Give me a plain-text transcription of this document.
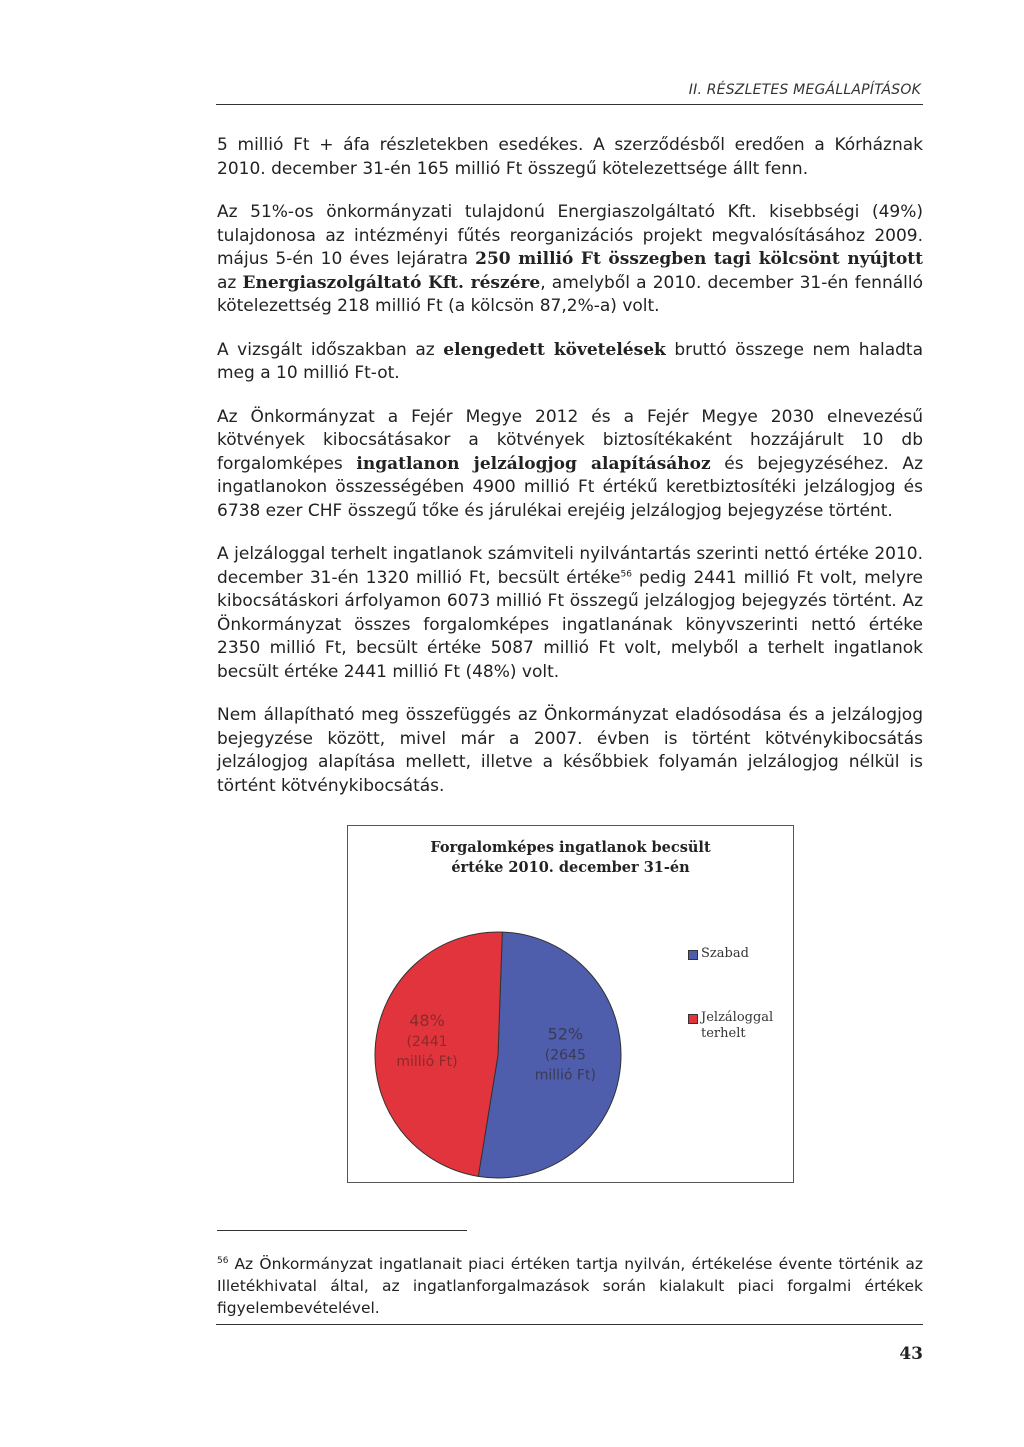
II. RÉSZLETES MEGÁLLAPÍTÁSOK

5 millió Ft + áfa részletekben esedékes. A szerződésből eredően a Kórháznak 2010. december 31-én 165 millió Ft összegű kötelezettsége állt fenn.

Az 51%-os önkormányzati tulajdonú Energiaszolgáltató Kft. kisebbségi (49%) tulajdonosa az intézményi fűtés reorganizációs projekt megvalósításához 2009. május 5-én 10 éves lejáratra 250 millió Ft összegben tagi kölcsönt nyújtott az Energiaszolgáltató Kft. részére, amelyből a 2010. december 31-én fennálló kötelezettség 218 millió Ft (a kölcsön 87,2%-a) volt.

A vizsgált időszakban az elengedett követelések bruttó összege nem haladta meg a 10 millió Ft-ot.

Az Önkormányzat a Fejér Megye 2012 és a Fejér Megye 2030 elnevezésű kötvények kibocsátásakor a kötvények biztosítékaként hozzájárult 10 db forgalomképes ingatlanon jelzálogjog alapításához és bejegyzéséhez. Az ingatlanokon összességében 4900 millió Ft értékű keretbiztosítéki jelzálogjog és 6738 ezer CHF összegű tőke és járulékai erejéig jelzálogjog bejegyzése történt.

A jelzáloggal terhelt ingatlanok számviteli nyilvántartás szerinti nettó értéke 2010. december 31-én 1320 millió Ft, becsült értéke$^{56}$ pedig 2441 millió Ft volt, melyre kibocsátáskori árfolyamon 6073 millió Ft összegű jelzálogjog bejegyzés történt. Az Önkormányzat összes forgalomképes ingatlanának könyvszerinti nettó értéke 2350 millió Ft, becsült értéke 5087 millió Ft volt, melyből a terhelt ingatlanok becsült értéke 2441 millió Ft (48%) volt.

Nem állapítható meg összefüggés az Önkormányzat eladósodása és a jelzálogjog bejegyzése között, mivel már a 2007. évben is történt kötvénykibocsátás jelzálogjog alapítása mellett, illetve a későbbiek folyamán jelzálogjog nélkül is történt kötvénykibocsátás.

Forgalomképes ingatlanok becsült
értéke 2010. december 31-én
52%
(2645
millió Ft)
48%
(2441
millió Ft)
Szabad
Jelzáloggal terhelt
$^{56}$ Az Önkormányzat ingatlanait piaci értéken tartja nyilván, értékelése évente történik az Illetékhivatal által, az ingatlanforgalmazások során kialakult piaci forgalmi értékek figyelembevételével.
43
